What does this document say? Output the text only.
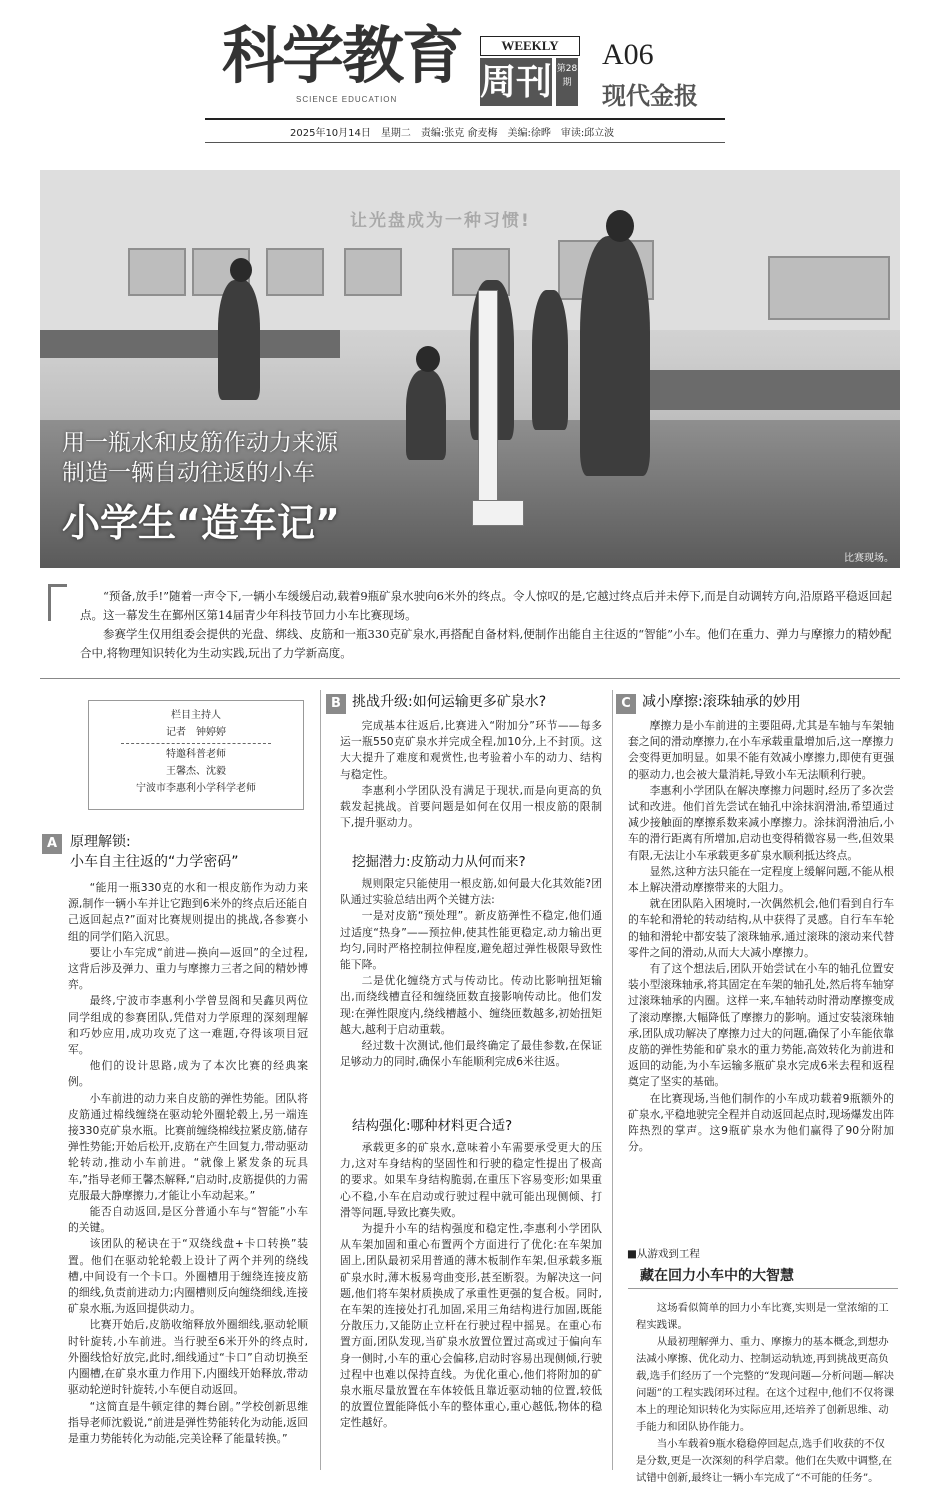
科学教育
SCIENCE EDUCATION
WEEKLY
周刊 第28期
A06
现代金报
2025年10月14日　星期二　责编:张克 俞麦梅　美编:徐晔　审读:邱立波
让光盘成为一种习惯!
用一瓶水和皮筋作动力来源
制造一辆自动往返的小车
小学生“造车记”
比赛现场。

“预备,放手!”随着一声令下,一辆小车缓缓启动,载着9瓶矿泉水驶向6米外的终点。令人惊叹的是,它越过终点后并未停下,而是自动调转方向,沿原路平稳返回起点。这一幕发生在鄞州区第14届青少年科技节回力小车比赛现场。

参赛学生仅用组委会提供的光盘、绑线、皮筋和一瓶330克矿泉水,再搭配自备材料,便制作出能自主往返的“智能”小车。他们在重力、弹力与摩擦力的精妙配合中,将物理知识转化为生动实践,玩出了力学新高度。

栏目主持人
记者　钟婷婷
特邀科普老师
王馨杰、沈毅
宁波市李惠利小学科学老师
A 原理解锁:
小车自主往返的“力学密码”

“能用一瓶330克的水和一根皮筋作为动力来源,制作一辆小车并让它跑到6米外的终点后还能自己返回起点?”面对比赛规则提出的挑战,各参赛小组的同学们陷入沉思。

要让小车完成“前进—换向—返回”的全过程,这背后涉及弹力、重力与摩擦力三者之间的精妙博弈。

最终,宁波市李惠利小学曾昱阁和吴鑫贝两位同学组成的参赛团队,凭借对力学原理的深刻理解和巧妙应用,成功攻克了这一难题,夺得该项目冠军。

他们的设计思路,成为了本次比赛的经典案例。

小车前进的动力来自皮筋的弹性势能。团队将皮筋通过棉线缠绕在驱动轮外圈轮毂上,另一端连接330克矿泉水瓶。比赛前缠绕棉线拉紧皮筋,储存弹性势能;开始后松开,皮筋在产生回复力,带动驱动轮转动,推动小车前进。“就像上紧发条的玩具车,”指导老师王馨杰解释,“启动时,皮筋提供的力需克服最大静摩擦力,才能让小车动起来。”

能否自动返回,是区分普通小车与“智能”小车的关键。

该团队的秘诀在于“双绕线盘+卡口转换”装置。他们在驱动轮轮毂上设计了两个并列的绕线槽,中间设有一个卡口。外圈槽用于缠绕连接皮筋的细线,负责前进动力;内圈槽则反向缠绕细线,连接矿泉水瓶,为返回提供动力。

比赛开始后,皮筋收缩释放外圈细线,驱动轮顺时针旋转,小车前进。当行驶至6米开外的终点时,外圈线恰好放完,此时,细线通过“卡口”自动切换至内圈槽,在矿泉水重力作用下,内圈线开始释放,带动驱动轮逆时针旋转,小车便自动返回。

“这简直是牛顿定律的舞台剧。”学校创新思维指导老师沈毅说,“前进是弹性势能转化为动能,返回是重力势能转化为动能,完美诠释了能量转换。”

B 挑战升级:如何运输更多矿泉水?

完成基本往返后,比赛进入“附加分”环节——每多运一瓶550克矿泉水并完成全程,加10分,上不封顶。这大大提升了难度和观赏性,也考验着小车的动力、结构与稳定性。

李惠利小学团队没有满足于现状,而是向更高的负载发起挑战。首要问题是如何在仅用一根皮筋的限制下,提升驱动力。

挖掘潜力:皮筋动力从何而来?

规则限定只能使用一根皮筋,如何最大化其效能?团队通过实验总结出两个关键方法:

一是对皮筋“预处理”。新皮筋弹性不稳定,他们通过适度“热身”——预拉伸,使其性能更稳定,动力输出更均匀,同时严格控制拉伸程度,避免超过弹性极限导致性能下降。

二是优化缠绕方式与传动比。传动比影响扭矩输出,而绕线槽直径和缠绕匝数直接影响传动比。他们发现:在弹性限度内,绕线槽越小、缠绕匝数越多,初始扭矩越大,越利于启动重载。

经过数十次测试,他们最终确定了最佳参数,在保证足够动力的同时,确保小车能顺利完成6米往返。

结构强化:哪种材料更合适?

承载更多的矿泉水,意味着小车需要承受更大的压力,这对车身结构的坚固性和行驶的稳定性提出了极高的要求。如果车身结构脆弱,在重压下容易变形;如果重心不稳,小车在启动或行驶过程中就可能出现侧倾、打滑等问题,导致比赛失败。

为提升小车的结构强度和稳定性,李惠利小学团队从车架加固和重心布置两个方面进行了优化:在车架加固上,团队最初采用普通的薄木板制作车架,但承载多瓶矿泉水时,薄木板易弯曲变形,甚至断裂。为解决这一问题,他们将车架材质换成了承重性更强的复合板。同时,在车架的连接处打孔加固,采用三角结构进行加固,既能分散压力,又能防止立杆在行驶过程中摇晃。在重心布置方面,团队发现,当矿泉水放置位置过高或过于偏向车身一侧时,小车的重心会偏移,启动时容易出现侧倾,行驶过程中也难以保持直线。为优化重心,他们将附加的矿泉水瓶尽量放置在车体较低且靠近驱动轴的位置,较低的放置位置能降低小车的整体重心,重心越低,物体的稳定性越好。

C 减小摩擦:滚珠轴承的妙用

摩擦力是小车前进的主要阻碍,尤其是车轴与车架轴套之间的滑动摩擦力,在小车承载重量增加后,这一摩擦力会变得更加明显。如果不能有效减小摩擦力,即使有更强的驱动力,也会被大量消耗,导致小车无法顺利行驶。

李惠利小学团队在解决摩擦力问题时,经历了多次尝试和改进。他们首先尝试在轴孔中涂抹润滑油,希望通过减少接触面的摩擦系数来减小摩擦力。涂抹润滑油后,小车的滑行距离有所增加,启动也变得稍微容易一些,但效果有限,无法让小车承载更多矿泉水顺利抵达终点。

显然,这种方法只能在一定程度上缓解问题,不能从根本上解决滑动摩擦带来的大阻力。

就在团队陷入困境时,一次偶然机会,他们看到自行车的车轮和滑轮的转动结构,从中获得了灵感。自行车车轮的轴和滑轮中都安装了滚珠轴承,通过滚珠的滚动来代替零件之间的滑动,从而大大减小摩擦力。

有了这个想法后,团队开始尝试在小车的轴孔位置安装小型滚珠轴承,将其固定在车架的轴孔处,然后将车轴穿过滚珠轴承的内圈。这样一来,车轴转动时滑动摩擦变成了滚动摩擦,大幅降低了摩擦力的影响。通过安装滚珠轴承,团队成功解决了摩擦力过大的问题,确保了小车能依靠皮筋的弹性势能和矿泉水的重力势能,高效转化为前进和返回的动能,为小车运输多瓶矿泉水完成6米去程和返程奠定了坚实的基础。

在比赛现场,当他们制作的小车成功载着9瓶额外的矿泉水,平稳地驶完全程并自动返回起点时,现场爆发出阵阵热烈的掌声。这9瓶矿泉水为他们赢得了90分附加分。

■从游戏到工程
藏在回力小车中的大智慧

这场看似简单的回力小车比赛,实则是一堂浓缩的工程实践课。

从最初理解弹力、重力、摩擦力的基本概念,到想办法减小摩擦、优化动力、控制运动轨迹,再到挑战更高负载,选手们经历了一个完整的“发现问题—分析问题—解决问题”的工程实践闭环过程。在这个过程中,他们不仅将课本上的理论知识转化为实际应用,还培养了创新思维、动手能力和团队协作能力。

当小车载着9瓶水稳稳停回起点,选手们收获的不仅是分数,更是一次深刻的科学启蒙。他们在失败中调整,在试错中创新,最终让一辆小车完成了“不可能的任务”。
